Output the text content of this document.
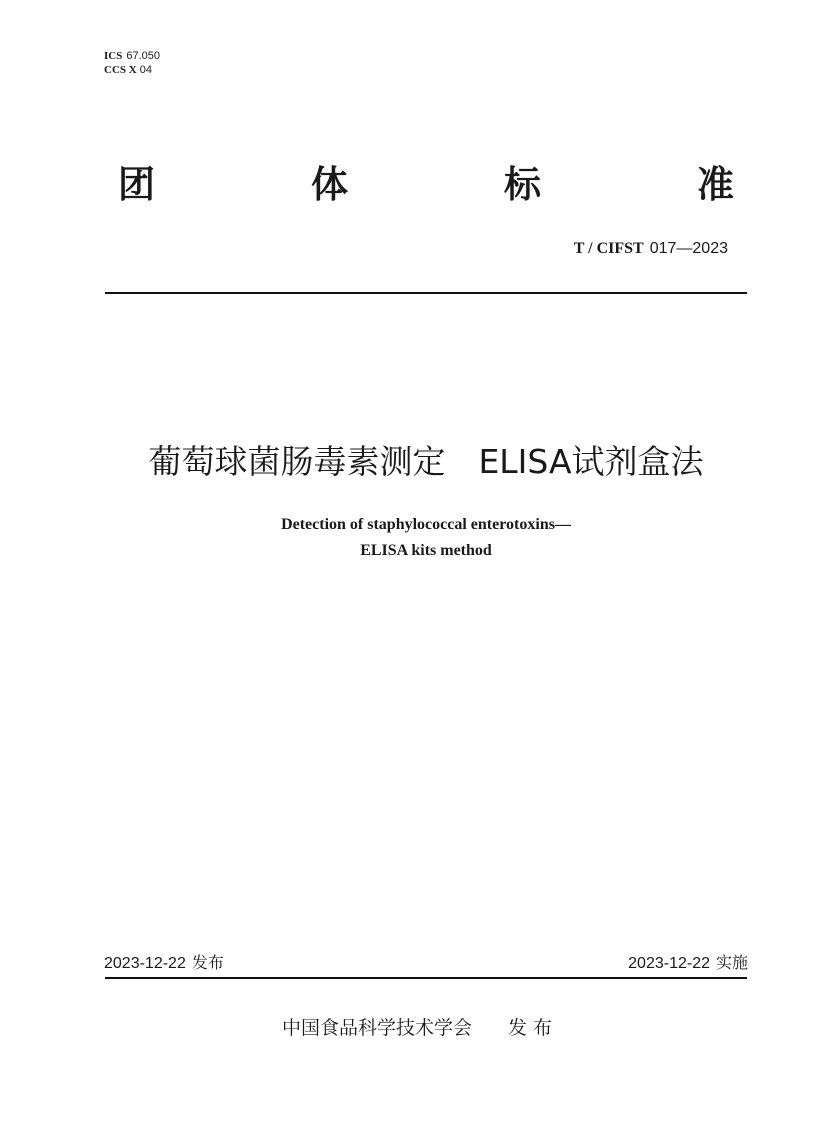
ICS 67.050
CCS X 04
团	体	标	准
T / CIFST 017—2023
葡萄球菌肠毒素测定　ELISA试剂盒法
Detection of staphylococcal enterotoxins—
ELISA kits method
2023-12-22 发布	2023-12-22 实施
中国食品科学技术学会 发 布
